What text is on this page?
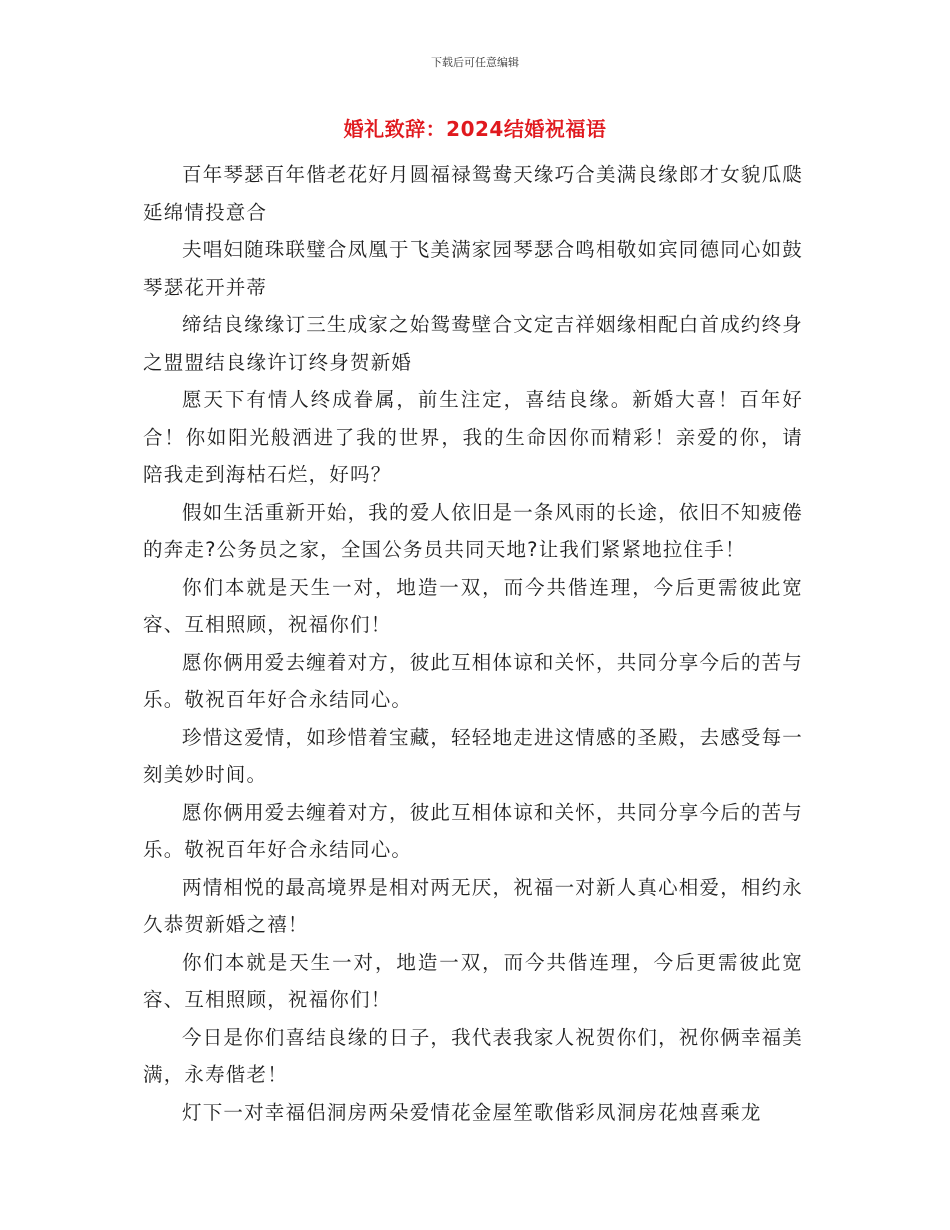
下载后可任意编辑
婚礼致辞：2024结婚祝福语

百年琴瑟百年偕老花好月圆福禄鸳鸯天缘巧合美满良缘郎才女貌瓜瓞延绵情投意合

夫唱妇随珠联璧合凤凰于飞美满家园琴瑟合鸣相敬如宾同德同心如鼓琴瑟花开并蒂

缔结良缘缘订三生成家之始鸳鸯壁合文定吉祥姻缘相配白首成约终身之盟盟结良缘许订终身贺新婚

愿天下有情人终成眷属，前生注定，喜结良缘。新婚大喜！百年好合！你如阳光般洒进了我的世界，我的生命因你而精彩！亲爱的你，请陪我走到海枯石烂，好吗？

假如生活重新开始，我的爱人依旧是一条风雨的长途，依旧不知疲倦的奔走?公务员之家，全国公务员共同天地?让我们紧紧地拉住手！

你们本就是天生一对，地造一双，而今共偕连理，今后更需彼此宽容、互相照顾，祝福你们！

愿你俩用爱去缠着对方，彼此互相体谅和关怀，共同分享今后的苦与乐。敬祝百年好合永结同心。

珍惜这爱情，如珍惜着宝藏，轻轻地走进这情感的圣殿，去感受每一刻美妙时间。

愿你俩用爱去缠着对方，彼此互相体谅和关怀，共同分享今后的苦与乐。敬祝百年好合永结同心。

两情相悦的最高境界是相对两无厌，祝福一对新人真心相爱，相约永久恭贺新婚之禧！

你们本就是天生一对，地造一双，而今共偕连理，今后更需彼此宽容、互相照顾，祝福你们！

今日是你们喜结良缘的日子，我代表我家人祝贺你们，祝你俩幸福美满，永寿偕老！

灯下一对幸福侣洞房两朵爱情花金屋笙歌偕彩凤洞房花烛喜乘龙
